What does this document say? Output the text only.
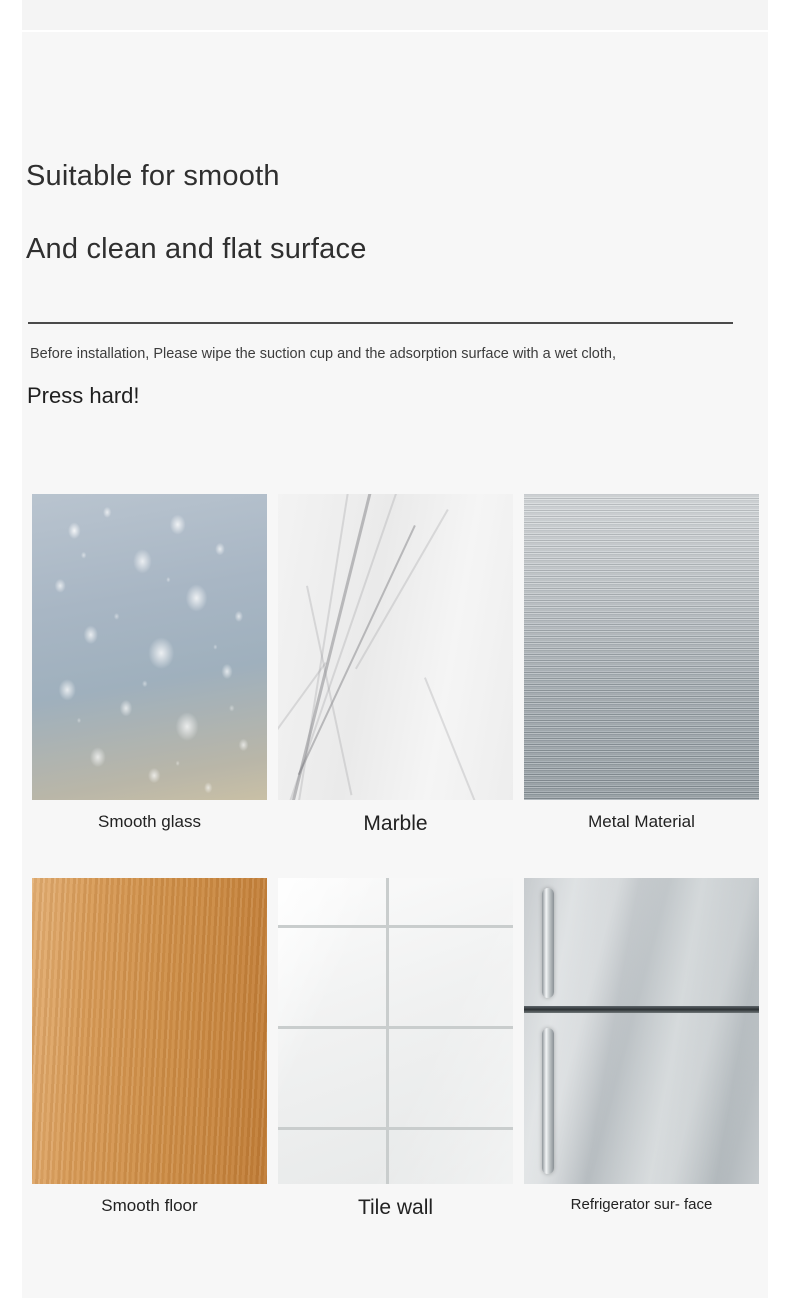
Suitable for smooth
And clean and flat surface
Before installation, Please wipe the suction cup and the adsorption surface with a wet cloth,
Press hard!
Smooth glass	Marble	Metal Material
Smooth floor	Tile wall	Refrigerator sur- face
